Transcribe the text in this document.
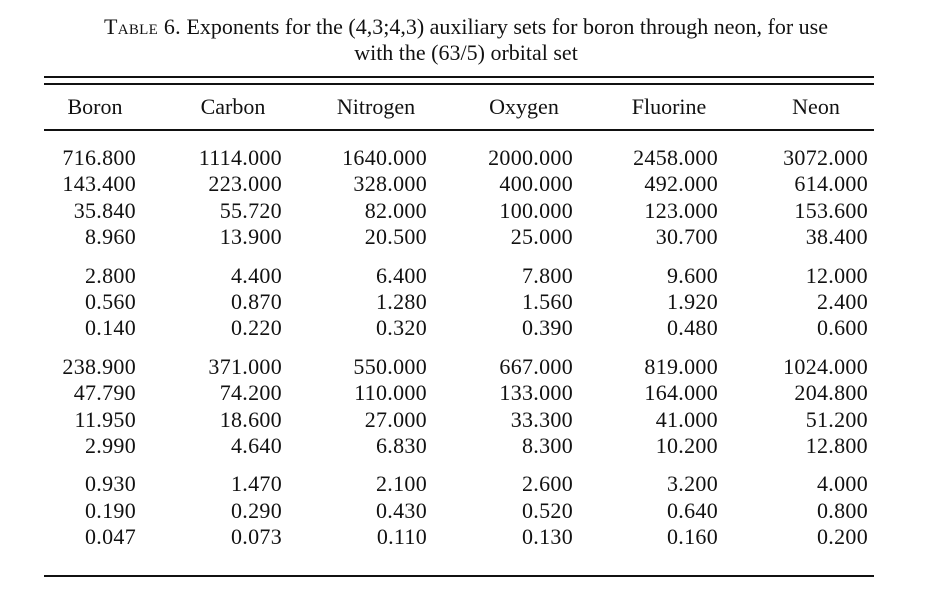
Table 6. Exponents for the (4,3;4,3) auxiliary sets for boron through neon, for use
with the (63/5) orbital set
Boron	Carbon	Nitrogen	Oxygen	Fluorine	Neon
716.800	1114.000	1640.000	2000.000	2458.000	3072.000
143.400	223.000	328.000	400.000	492.000	614.000
35.840	55.720	82.000	100.000	123.000	153.600
8.960	13.900	20.500	25.000	30.700	38.400
2.800	4.400	6.400	7.800	9.600	12.000
0.560	0.870	1.280	1.560	1.920	2.400
0.140	0.220	0.320	0.390	0.480	0.600
238.900	371.000	550.000	667.000	819.000	1024.000
47.790	74.200	110.000	133.000	164.000	204.800
11.950	18.600	27.000	33.300	41.000	51.200
2.990	4.640	6.830	8.300	10.200	12.800
0.930	1.470	2.100	2.600	3.200	4.000
0.190	0.290	0.430	0.520	0.640	0.800
0.047	0.073	0.110	0.130	0.160	0.200
